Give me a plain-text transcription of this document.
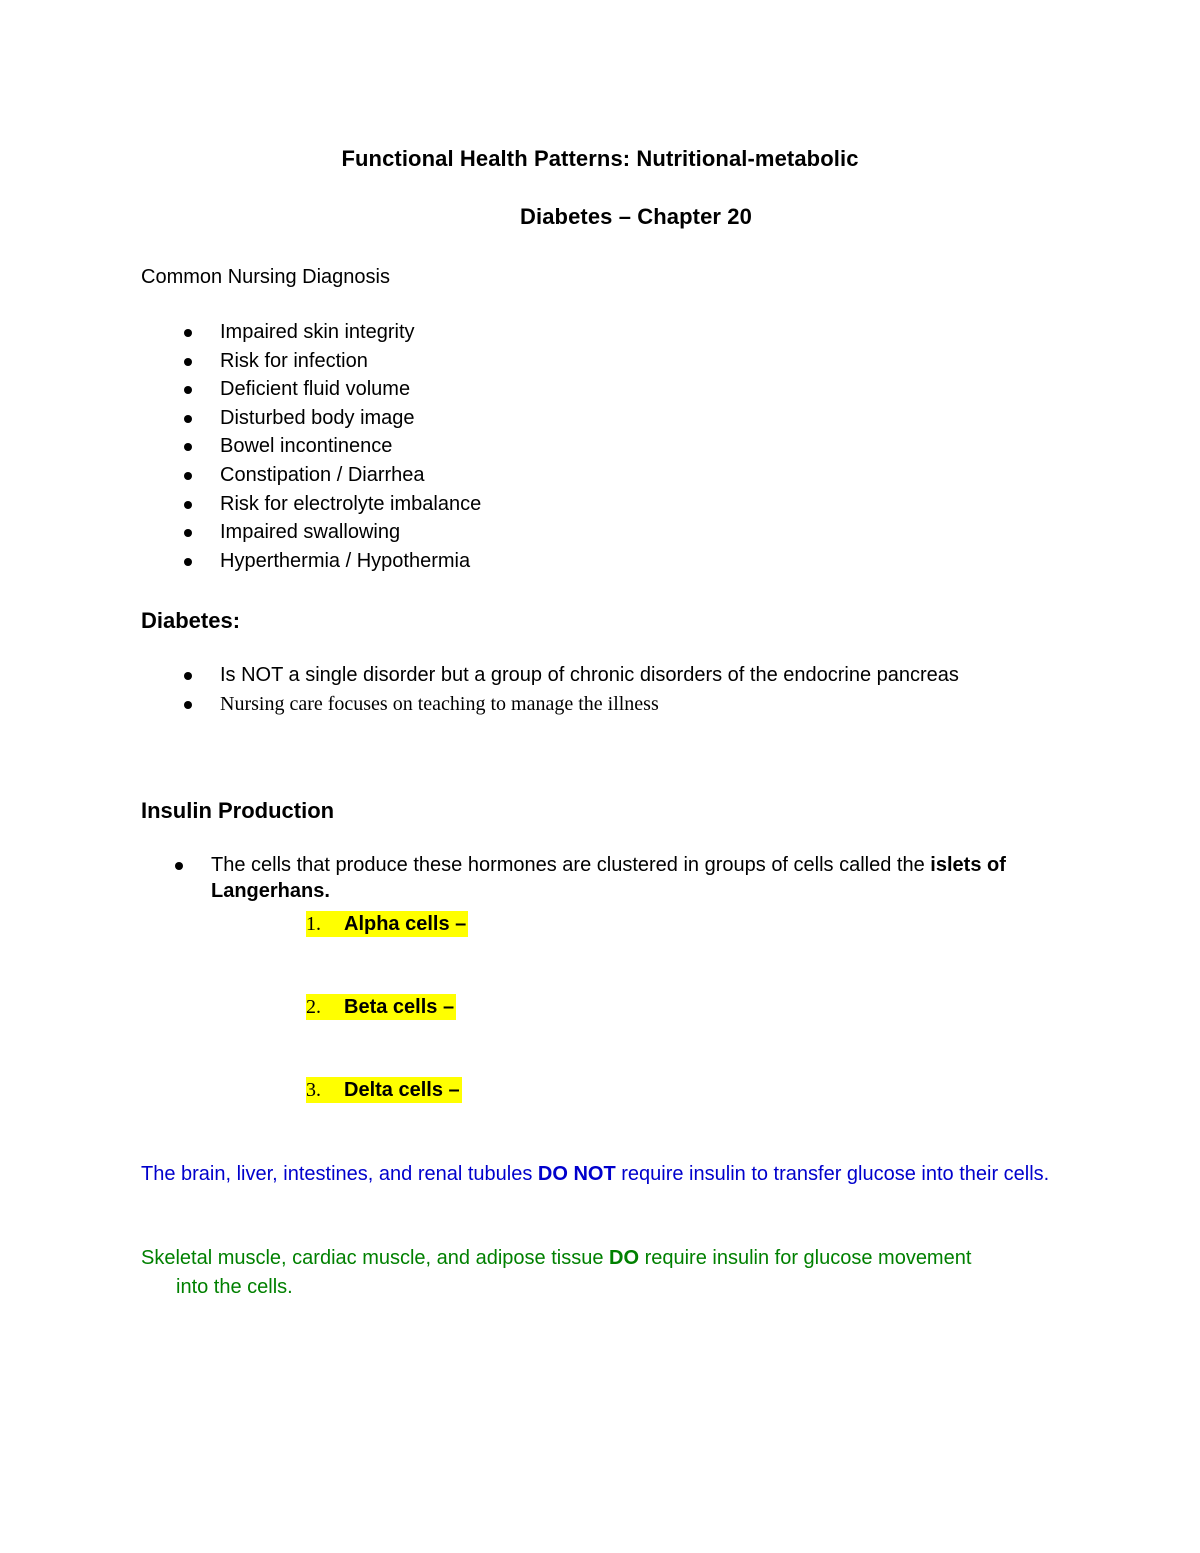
Functional Health Patterns: Nutritional-metabolic
Diabetes – Chapter 20
Common Nursing Diagnosis
Impaired skin integrity
Risk for infection
Deficient fluid volume
Disturbed body image
Bowel incontinence
Constipation / Diarrhea
Risk for electrolyte imbalance
Impaired swallowing
Hyperthermia / Hypothermia
Diabetes:
Is NOT a single disorder but a group of chronic disorders of the endocrine pancreas
Nursing care focuses on teaching to manage the illness
Insulin Production
The cells that produce these hormones are clustered in groups of cells called the islets of Langerhans.
1. Alpha cells –
2. Beta cells –
3. Delta cells –
The brain, liver, intestines, and renal tubules DO NOT require insulin to transfer glucose into their cells.
Skeletal muscle, cardiac muscle, and adipose tissue DO require insulin for glucose movement
into the cells.
